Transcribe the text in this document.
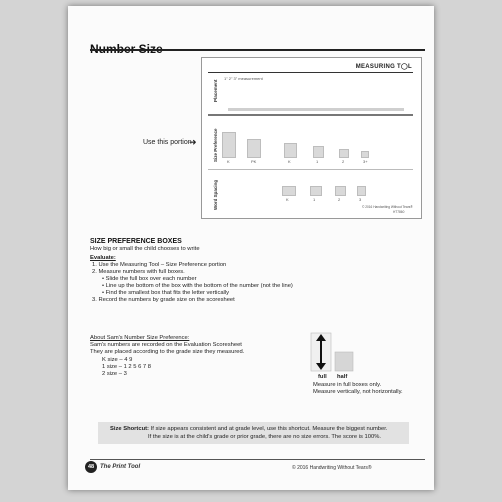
MEASURING T◯L
1" 2" 3" measurement
Placement
Size Preference K	PK	K	1	2	3+
Word Spacing	K	1	2	3
© 2016 Handwriting Without Tears®
HT7860
Use this portion
➜
SIZE PREFERENCE BOXES
How big or small the child chooses to write
Evaluate:
1. Use the Measuring Tool – Size Preference portion
2. Measure numbers with full boxes.
• Slide the full box over each number
• Line up the bottom of the box with the bottom of the number (not the line)
• Find the smallest box that fits the letter vertically
3. Record the numbers by grade size on the scoresheet
About Sam's Number Size Preference:
Sam's numbers are recorded on the Evaluation Scoresheet
They are placed according to the grade size they measured.
K size – 4 9
1 size – 1 2 5 6 7 8
2 size – 3	full half
Measure in full boxes only.
Measure vertically, not horizontally.
Size Shortcut: If size appears consistent and at grade level, use this shortcut. Measure the biggest number.
If the size is at the child's grade or prior grade, there are no size errors. The score is 100%.
48 The Print Tool	© 2016 Handwriting Without Tears®
